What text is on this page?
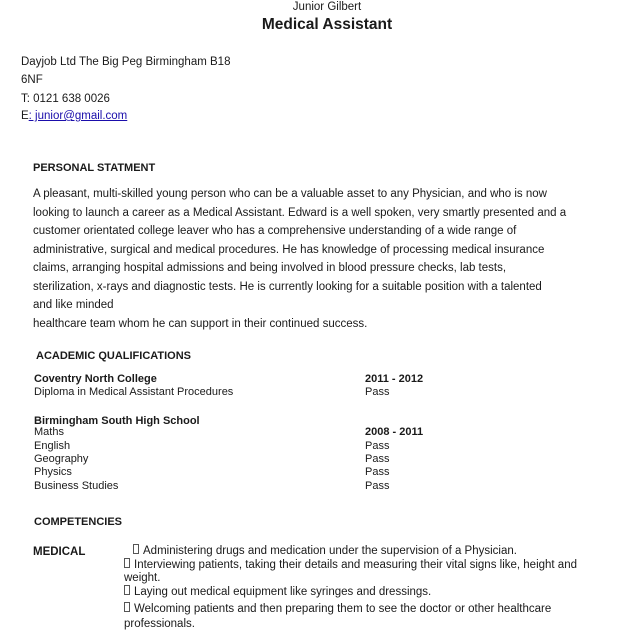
Junior Gilbert
Medical Assistant
Dayjob Ltd The Big Peg Birmingham B18
6NF
T: 0121 638 0026
E: junior@gmail.com
PERSONAL STATMENT
A pleasant, multi-skilled young person who can be a valuable asset to any Physician, and who is now
looking to launch a career as a Medical Assistant. Edward is a well spoken, very smartly presented and a
customer orientated college leaver who has a comprehensive understanding of a wide range of
administrative, surgical and medical procedures. He has knowledge of processing medical insurance
claims, arranging hospital admissions and being involved in blood pressure checks, lab tests,
sterilization, x-rays and diagnostic tests. He is currently looking for a suitable position with a talented
and like minded
healthcare team whom he can support in their continued success.
ACADEMIC QUALIFICATIONS
Coventry North College	2011 - 2012
Diploma in Medical Assistant Procedures	Pass
Birmingham South High School
Maths	2008 - 2011
English	Pass
Geography	Pass
Physics	Pass
Business Studies	Pass
COMPETENCIES
MEDICAL	Administering drugs and medication under the supervision of a Physician.
Interviewing patients, taking their details and measuring their vital signs like, height and weight.
Laying out medical equipment like syringes and dressings.
Welcoming patients and then preparing them to see the doctor or other healthcare professionals.
